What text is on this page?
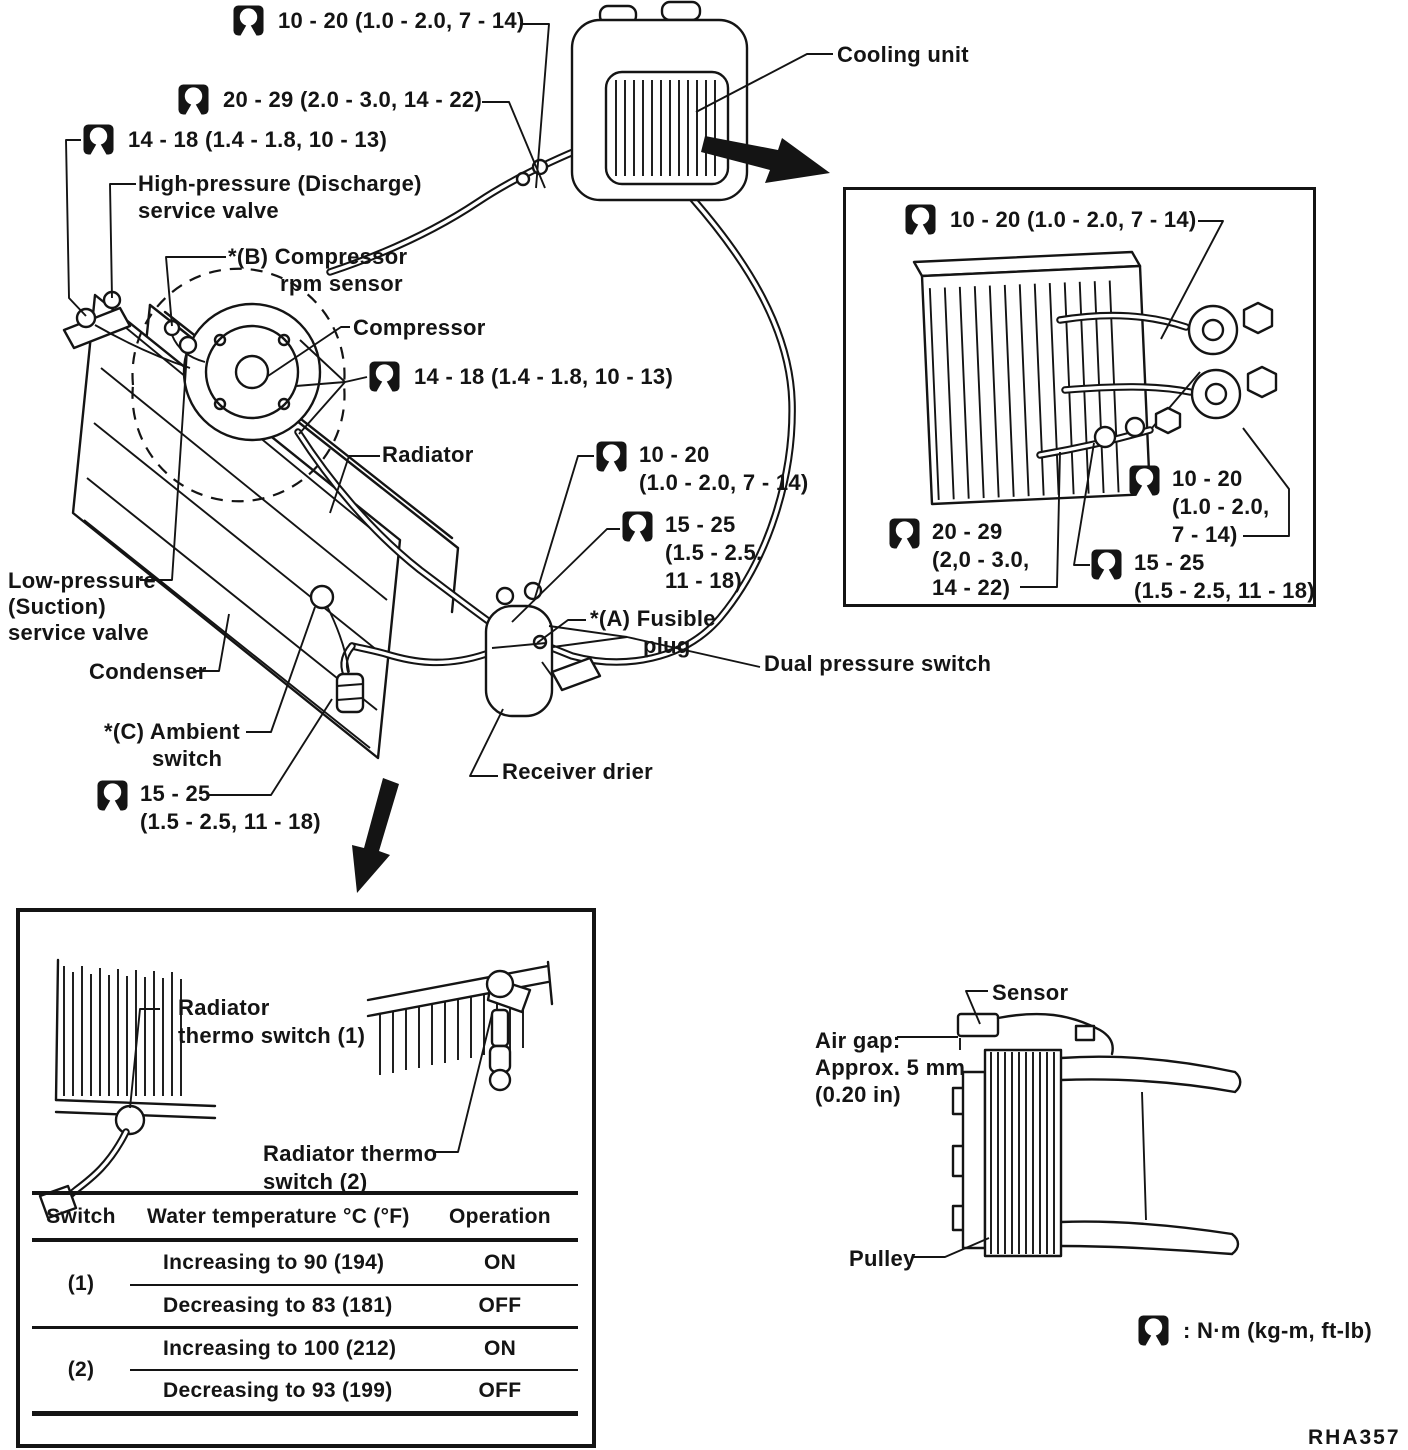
10 - 20 (1.0 - 2.0, 7 - 14)
20 - 29 (2.0 - 3.0, 14 - 22)
14 - 18 (1.4 - 1.8, 10 - 13)
High-pressure (Discharge)
service valve
*(B) Compressor
rpm sensor
Compressor
14 - 18 (1.4 - 1.8, 10 - 13)
Radiator	10 - 20
(1.0 - 2.0, 7 - 14)
15 - 25
(1.5 - 2.5,
11 - 18)
*(A) Fusible
plug
Low-pressure
(Suction)
service valve
Condenser
*(C) Ambient
switch
15 - 25
(1.5 - 2.5, 11 - 18)
Dual pressure switch
Receiver drier
Cooling unit
10 - 20 (1.0 - 2.0, 7 - 14)
10 - 20
(1.0 - 2.0,
7 - 14)
20 - 29
(2,0 - 3.0,
14 - 22)
15 - 25
(1.5 - 2.5, 11 - 18)
Radiator
thermo switch (1)
Radiator thermo
switch (2)
Switch	Water temperature °C (°F)	Operation
(1)
Increasing to 90 (194)	ON
Decreasing to 83 (181)	OFF
(2)
Increasing to 100 (212)	ON
Decreasing to 93 (199)	OFF
Sensor
Air gap:
Approx. 5 mm
(0.20 in)
Pulley
: N·m (kg-m, ft-lb)
RHA357
